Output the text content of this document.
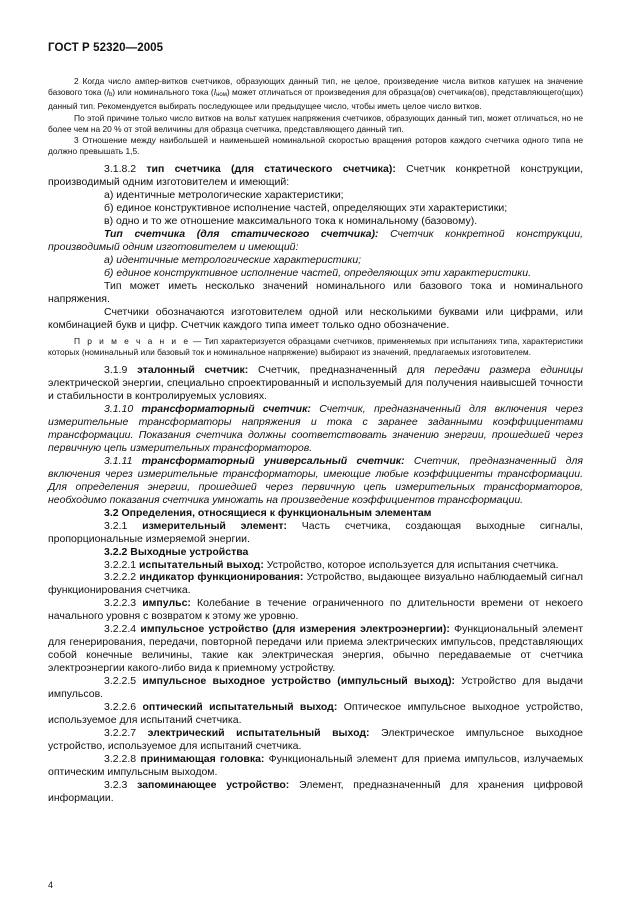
ГОСТ Р 52320—2005

2 Когда число ампер-витков счетчиков, образующих данный тип, не целое, произведение числа витков катушек на значение базового тока $(I_b)$ или номинального тока $(I_{ном})$ может отличаться от произведения для образца(ов) счетчика(ов), представляющего(щих) данный тип. Рекомендуется выбирать последующее или предыдущее число, чтобы иметь целое число витков.

По этой причине только число витков на вольт катушек напряжения счетчиков, образующих данный тип, может отличаться, но не более чем на 20 % от этой величины для образца счетчика, представляющего данный тип.

3 Отношение между наибольшей и наименьшей номинальной скоростью вращения роторов каждого счетчика одного типа не должно превышать 1,5.

3.1.8.2 тип счетчика (для статического счетчика): Счетчик конкретной конструкции, производимый одним изготовителем и имеющий:

а) идентичные метрологические характеристики;

б) единое конструктивное исполнение частей, определяющих эти характеристики;

в) одно и то же отношение максимального тока к номинальному (базовому).

Тип счетчика (для статического счетчика): Счетчик конкретной конструкции, производимый одним изготовителем и имеющий:

а) идентичные метрологические характеристики;

б) единое конструктивное исполнение частей, определяющих эти характеристики.

Тип может иметь несколько значений номинального или базового тока и номинального напряжения.

Счетчики обозначаются изготовителем одной или несколькими буквами или цифрами, или комбинацией букв и цифр. Счетчик каждого типа имеет только одно обозначение.

П р и м е ч а н и е — Тип характеризуется образцами счетчиков, применяемых при испытаниях типа, характеристики которых (номинальный или базовый ток и номинальное напряжение) выбирают из значений, предлагаемых изготовителем.

3.1.9 эталонный счетчик: Счетчик, предназначенный для передачи размера единицы электрической энергии, специально спроектированный и используемый для получения наивысшей точности и стабильности в контролируемых условиях.

3.1.10 трансформаторный счетчик: Счетчик, предназначенный для включения через измерительные трансформаторы напряжения и тока с заранее заданными коэффициентами трансформации. Показания счетчика должны соответствовать значению энергии, прошедшей через первичную цепь измерительных трансформаторов.

3.1.11 трансформаторный универсальный счетчик: Счетчик, предназначенный для включения через измерительные трансформаторы, имеющие любые коэффициенты трансформации. Для определения энергии, прошедшей через первичную цепь измерительных трансформаторов, необходимо показания счетчика умножать на произведение коэффициентов трансформации.

3.2 Определения, относящиеся к функциональным элементам

3.2.1 измерительный элемент: Часть счетчика, создающая выходные сигналы, пропорциональные измеряемой энергии.

3.2.2 Выходные устройства

3.2.2.1 испытательный выход: Устройство, которое используется для испытания счетчика.

3.2.2.2 индикатор функционирования: Устройство, выдающее визуально наблюдаемый сигнал функционирования счетчика.

3.2.2.3 импульс: Колебание в течение ограниченного по длительности времени от некоего начального уровня с возвратом к этому же уровню.

3.2.2.4 импульсное устройство (для измерения электроэнергии): Функциональный элемент для генерирования, передачи, повторной передачи или приема электрических импульсов, представляющих собой конечные величины, такие как электрическая энергия, обычно передаваемые от счетчика электроэнергии какого-либо вида к приемному устройству.

3.2.2.5 импульсное выходное устройство (импульсный выход): Устройство для выдачи импульсов.

3.2.2.6 оптический испытательный выход: Оптическое импульсное выходное устройство, используемое для испытаний счетчика.

3.2.2.7 электрический испытательный выход: Электрическое импульсное выходное устройство, используемое для испытаний счетчика.

3.2.2.8 принимающая головка: Функциональный элемент для приема импульсов, излучаемых оптическим импульсным выходом.

3.2.3 запоминающее устройство: Элемент, предназначенный для хранения цифровой информации.

4
